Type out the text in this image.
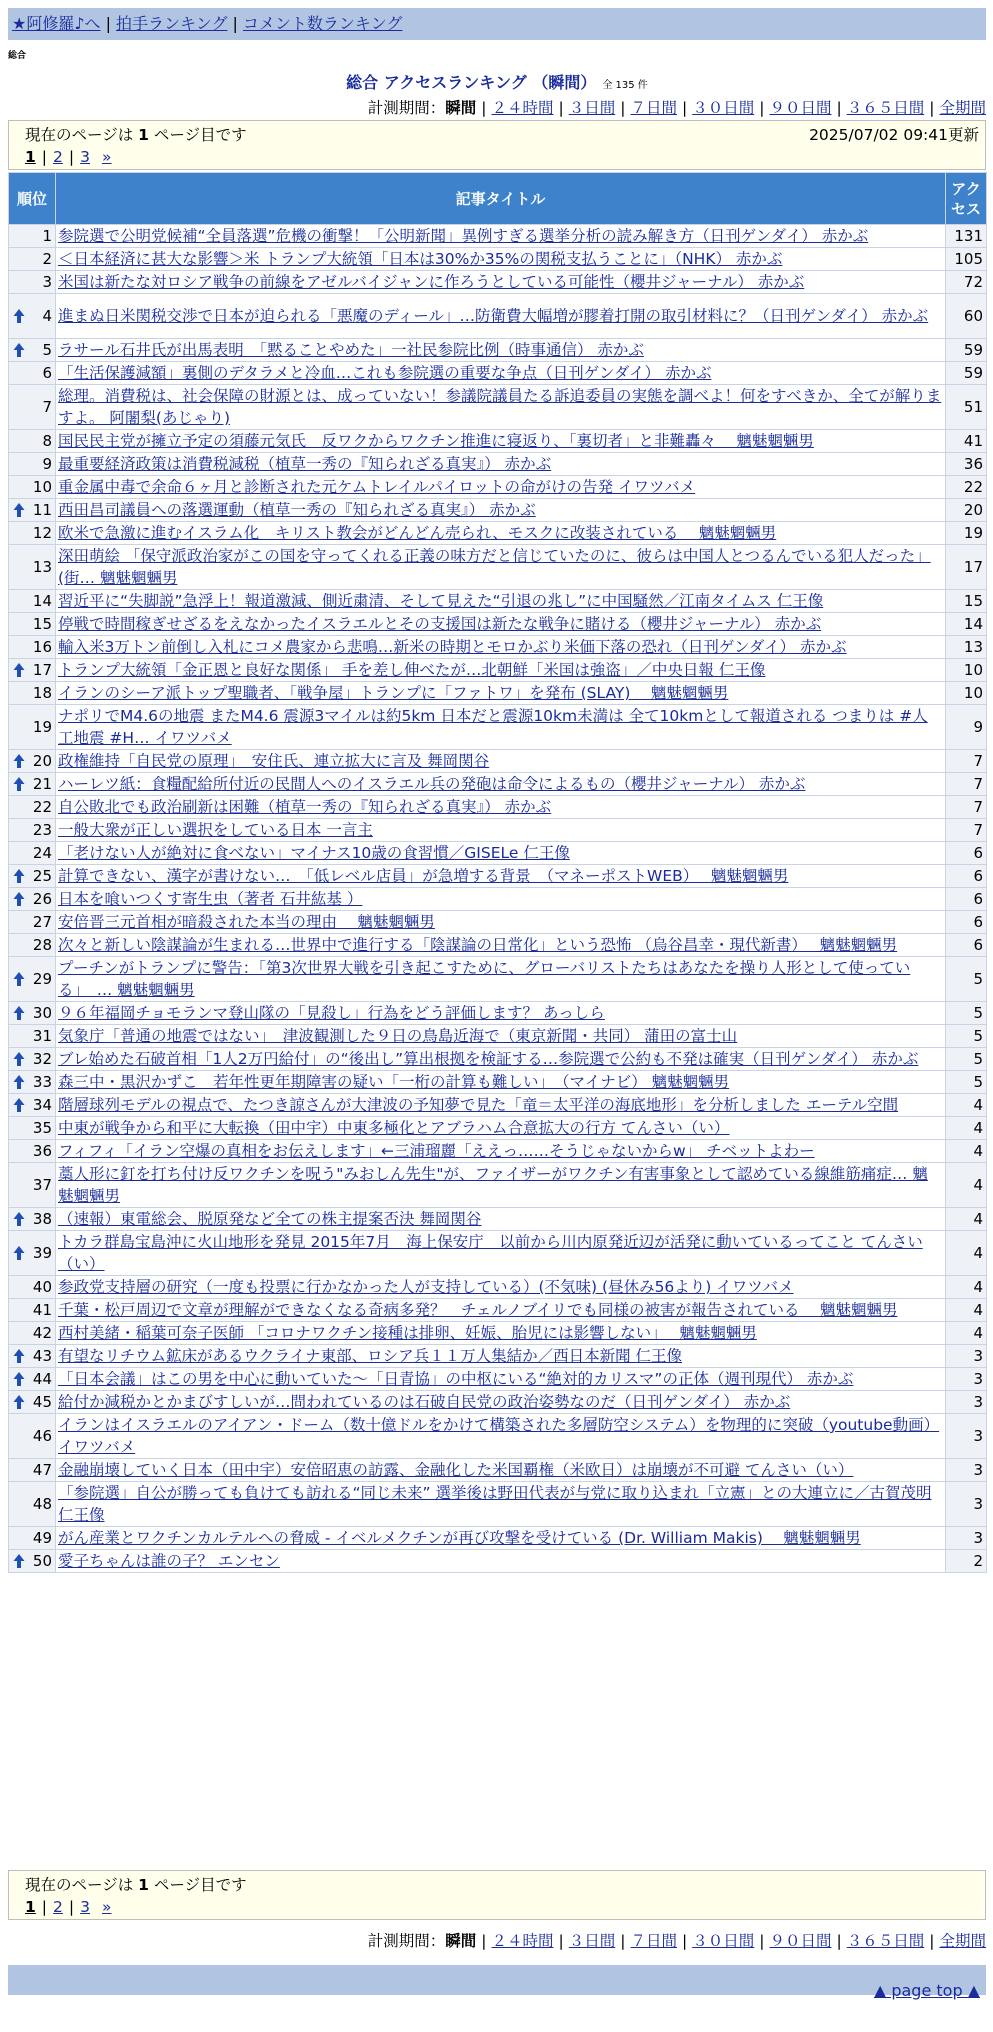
★阿修羅♪へ | 拍手ランキング | コメント数ランキング
総合
総合 アクセスランキング （瞬間） 全 135 件
計測期間：瞬間 | ２４時間 | ３日間 | ７日間 | ３０日間 | ９０日間 | ３６５日間 | 全期間
現在のページは 1 ページ目です	2025/07/02 09:41更新
1 | 2 | 3 »
順位	記事タイトル	アクセス
1	参院選で公明党候補“全員落選”危機の衝撃！「公明新聞」異例すぎる選挙分析の読み解き方（日刊ゲンダイ） 赤かぶ	131
2	＜日本経済に甚大な影響＞米 トランプ大統領「日本は30%か35%の関税支払うことに」（NHK） 赤かぶ	105
3	米国は新たな対ロシア戦争の前線をアゼルバイジャンに作ろうとしている可能性（櫻井ジャーナル） 赤かぶ	72

4	進まぬ日米関税交渉で日本が迫られる「悪魔のディール」…防衛費大幅増が膠着打開の取引材料に？（日刊ゲンダイ） 赤かぶ	60

5	ラサール石井氏が出馬表明　「黙ることやめた」一社民参院比例（時事通信） 赤かぶ	59
6	「生活保護減額」裏側のデタラメと冷血…これも参院選の重要な争点（日刊ゲンダイ） 赤かぶ	59
7	総理。消費税は、社会保障の財源とは、成っていない！参議院議員たる訴追委員の実態を調べよ！何をすべきか、全てが解りますよ。 阿闍梨(あじゃり)	51
8	国民民主党が擁立予定の須藤元気氏　反ワクからワクチン推進に寝返り、「裏切者」と非難轟々　 魑魅魍魎男	41
9	最重要経済政策は消費税減税（植草一秀の『知られざる真実』） 赤かぶ	36
10	重金属中毒で余命６ヶ月と診断された元ケムトレイルパイロットの命がけの告発 イワツバメ	22

11	西田昌司議員への落選運動（植草一秀の『知られざる真実』） 赤かぶ	20
12	欧米で急激に進むイスラム化　キリスト教会がどんどん売られ、モスクに改装されている　 魑魅魍魎男	19
13	深田萌絵 「保守派政治家がこの国を守ってくれる正義の味方だと信じていたのに、彼らは中国人とつるんでいる犯人だった」(街… 魑魅魍魎男	17
14	習近平に“失脚説”急浮上！報道激減、側近粛清、そして見えた“引退の兆し”に中国騒然／江南タイムス 仁王像	15
15	停戦で時間稼ぎせざるをえなかったイスラエルとその支援国は新たな戦争に賭ける（櫻井ジャーナル） 赤かぶ	14
16	輸入米3万トン前倒し入札にコメ農家から悲鳴…新米の時期とモロかぶり米価下落の恐れ（日刊ゲンダイ） 赤かぶ	13

17	トランプ大統領「金正恩と良好な関係」 手を差し伸べたが…北朝鮮「米国は強盗」／中央日報 仁王像	10
18	イランのシーア派トップ聖職者、「戦争屋」トランプに「ファトワ」を発布 (SLAY)　 魑魅魍魎男	10
19	ナポリでM4.6の地震 またM4.6 震源3マイルは約5km 日本だと震源10km未満は 全て10kmとして報道される つまりは #人工地震 #H… イワツバメ	9

20	政権維持「自民党の原理」　安住氏、連立拡大に言及 舞岡関谷	7

21	ハーレツ紙：食糧配給所付近の民間人へのイスラエル兵の発砲は命令によるもの（櫻井ジャーナル） 赤かぶ	7
22	自公敗北でも政治刷新は困難（植草一秀の『知られざる真実』） 赤かぶ	7
23	一般大衆が正しい選択をしている日本 一言主	7
24	「老けない人が絶対に食べない」マイナス10歳の食習慣／GISELe 仁王像	6

25	計算できない、漢字が書けない…　「低レベル店員」が急増する背景　（マネーポストWEB）　 魑魅魍魎男	6

26	日本を喰いつくす寄生虫（著者 石井紘基 ）	6
27	安倍晋三元首相が暗殺された本当の理由　 魑魅魍魎男	6
28	次々と新しい陰謀論が生まれる…世界中で進行する「陰謀論の日常化」という恐怖 （烏谷昌幸・現代新書）　 魑魅魍魎男	6

29	プーチンがトランプに警告：「第3次世界大戦を引き起こすために、グローバリストたちはあなたを操り人形として使っている」　… 魑魅魍魎男	5

30	９６年福岡チョモランマ登山隊の「見殺し」行為をどう評価します？ あっしら	5
31	気象庁「普通の地震ではない」　津波観測した９日の鳥島近海で（東京新聞・共同） 蒲田の富士山	5

32	ブレ始めた石破首相「1人2万円給付」の“後出し”算出根拠を検証する…参院選で公約も不発は確実（日刊ゲンダイ） 赤かぶ	5

33	森三中・黒沢かずこ　若年性更年期障害の疑い「一桁の計算も難しい」　（マイナビ） 魑魅魍魎男	5

34	階層球列モデルの視点で、たつき諒さんが大津波の予知夢で見た「竜＝太平洋の海底地形」を分析しました エーテル空間	4
35	中東が戦争から和平に大転換（田中宇）中東多極化とアブラハム合意拡大の行方 てんさい（い）	4
36	フィフィ「イラン空爆の真相をお伝えします」←三浦瑠麗「ええっ……そうじゃないからw」 チベットよわー	4
37	藁人形に釘を打ち付け反ワクチンを呪う"みおしん先生"が、ファイザーがワクチン有害事象として認めている線維筋痛症… 魑魅魍魎男	4

38	（速報）東電総会、脱原発など全ての株主提案否決 舞岡関谷	4

39	トカラ群島宝島沖に火山地形を発見 2015年7月　海上保安庁　以前から川内原発近辺が活発に動いているってこと てんさい（い）	4
40	参政党支持層の研究（一度も投票に行かなかった人が支持している）(不気味) (昼休み56より) イワツバメ	4
41	千葉・松戸周辺で文章が理解ができなくなる奇病多発？　チェルノブイリでも同様の被害が報告されている　 魑魅魍魎男	4
42	西村美緒・稲葉可奈子医師 「コロナワクチン接種は排卵、妊娠、胎児には影響しない」　 魑魅魍魎男	4

43	有望なリチウム鉱床があるウクライナ東部、ロシア兵１１万人集結か／西日本新聞 仁王像	3

44	「日本会議」はこの男を中心に動いていた～「日青協」の中枢にいる“絶対的カリスマ”の正体（週刊現代） 赤かぶ	3

45	給付か減税かとかまびすしいが…問われているのは石破自民党の政治姿勢なのだ（日刊ゲンダイ） 赤かぶ	3
46	イランはイスラエルのアイアン・ドーム（数十億ドルをかけて構築された多層防空システム）を物理的に突破（youtube動画） イワツバメ	3
47	金融崩壊していく日本（田中宇）安倍昭恵の訪露、金融化した米国覇権（米欧日）は崩壊が不可避 てんさい（い）	3
48	「参院選」自公が勝っても負けても訪れる“同じ未来” 選挙後は野田代表が与党に取り込まれ「立憲」との大連立に／古賀茂明 仁王像	3
49	がん産業とワクチンカルテルへの脅威 - イベルメクチンが再び攻撃を受けている (Dr. William Makis)　 魑魅魍魎男	3

50	愛子ちゃんは誰の子？ エンセン	2
現在のページは 1 ページ目です
1 | 2 | 3 »
計測期間：瞬間 | ２４時間 | ３日間 | ７日間 | ３０日間 | ９０日間 | ３６５日間 | 全期間
▲ page top ▲
